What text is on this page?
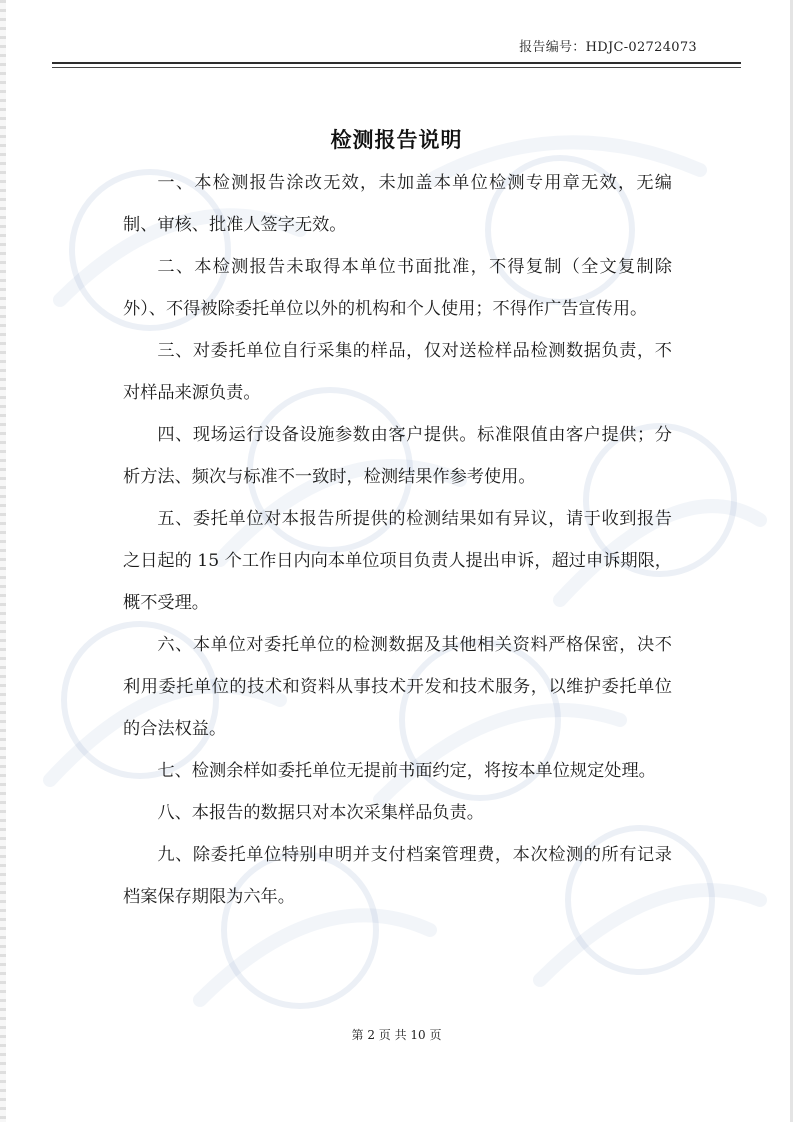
报告编号：HDJC-02724073
检测报告说明

一、本检测报告涂改无效，未加盖本单位检测专用章无效，无编制、审核、批准人签字无效。

二、本检测报告未取得本单位书面批准，不得复制（全文复制除外）、不得被除委托单位以外的机构和个人使用；不得作广告宣传用。

三、对委托单位自行采集的样品，仅对送检样品检测数据负责，不对样品来源负责。

四、现场运行设备设施参数由客户提供。标准限值由客户提供；分析方法、频次与标准不一致时，检测结果作参考使用。

五、委托单位对本报告所提供的检测结果如有异议，请于收到报告之日起的 15 个工作日内向本单位项目负责人提出申诉，超过申诉期限，概不受理。

六、本单位对委托单位的检测数据及其他相关资料严格保密，决不利用委托单位的技术和资料从事技术开发和技术服务，以维护委托单位的合法权益。

七、检测余样如委托单位无提前书面约定，将按本单位规定处理。

八、本报告的数据只对本次采集样品负责。

九、除委托单位特别申明并支付档案管理费，本次检测的所有记录档案保存期限为六年。

第 2 页 共 10 页
